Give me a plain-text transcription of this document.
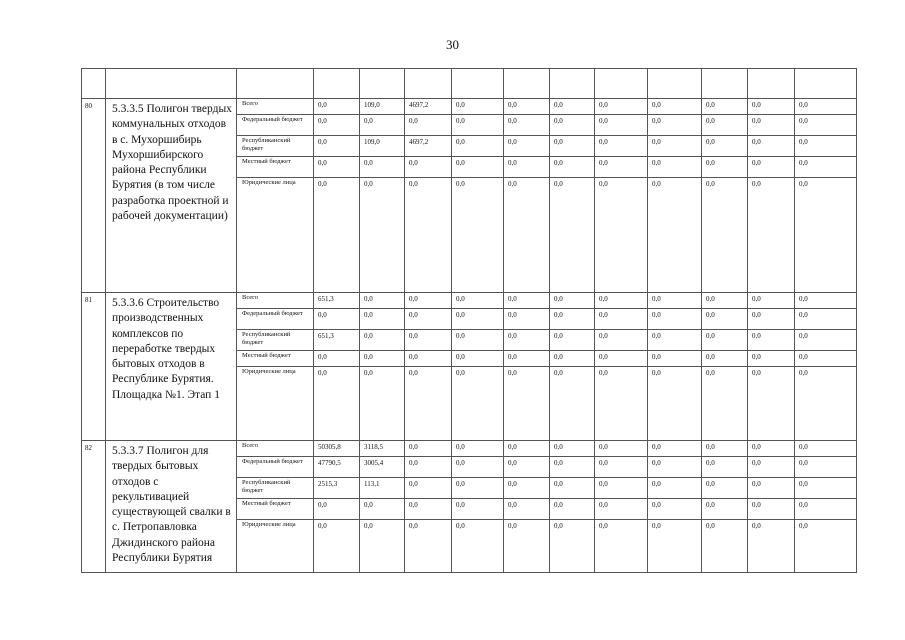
30

80	5.3.3.5 Полигон твердых коммунальных отходов в с. Мухоршибирь Мухоршибирского района Республики Бурятия (в том числе разработка проектной и рабочей документации)	Всего	0,0	109,0	4697,2	0,0	0,0	0,0	0,0	0,0	0,0	0,0	0,0
		Федеральный бюджет	0,0	0,0	0,0	0,0	0,0	0,0	0,0	0,0	0,0	0,0	0,0
		Республиканский бюджет	0,0	109,0	4697,2	0,0	0,0	0,0	0,0	0,0	0,0	0,0	0,0
		Местный бюджет	0,0	0,0	0,0	0,0	0,0	0,0	0,0	0,0	0,0	0,0	0,0
		Юридические лица	0,0	0,0	0,0	0,0	0,0	0,0	0,0	0,0	0,0	0,0	0,0
81	5.3.3.6 Строительство производственных комплексов по переработке твердых бытовых отходов в Республике Бурятия. Площадка №1. Этап 1	Всего	651,3	0,0	0,0	0,0	0,0	0,0	0,0	0,0	0,0	0,0	0,0
		Федеральный бюджет	0,0	0,0	0,0	0,0	0,0	0,0	0,0	0,0	0,0	0,0	0,0
		Республиканский бюджет	651,3	0,0	0,0	0,0	0,0	0,0	0,0	0,0	0,0	0,0	0,0
		Местный бюджет	0,0	0,0	0,0	0,0	0,0	0,0	0,0	0,0	0,0	0,0	0,0
		Юридические лица	0,0	0,0	0,0	0,0	0,0	0,0	0,0	0,0	0,0	0,0	0,0
82	5.3.3.7 Полигон для твердых бытовых отходов с рекультивацией существующей свалки в с. Петропавловка Джидинского района Республики Бурятия	Всего	50305,8	3118,5	0,0	0,0	0,0	0,0	0,0	0,0	0,0	0,0	0,0
		Федеральный бюджет	47790,5	3005,4	0,0	0,0	0,0	0,0	0,0	0,0	0,0	0,0	0,0
		Республиканский бюджет	2515,3	113,1	0,0	0,0	0,0	0,0	0,0	0,0	0,0	0,0	0,0
		Местный бюджет	0,0	0,0	0,0	0,0	0,0	0,0	0,0	0,0	0,0	0,0	0,0
		Юридические лица	0,0	0,0	0,0	0,0	0,0	0,0	0,0	0,0	0,0	0,0	0,0
